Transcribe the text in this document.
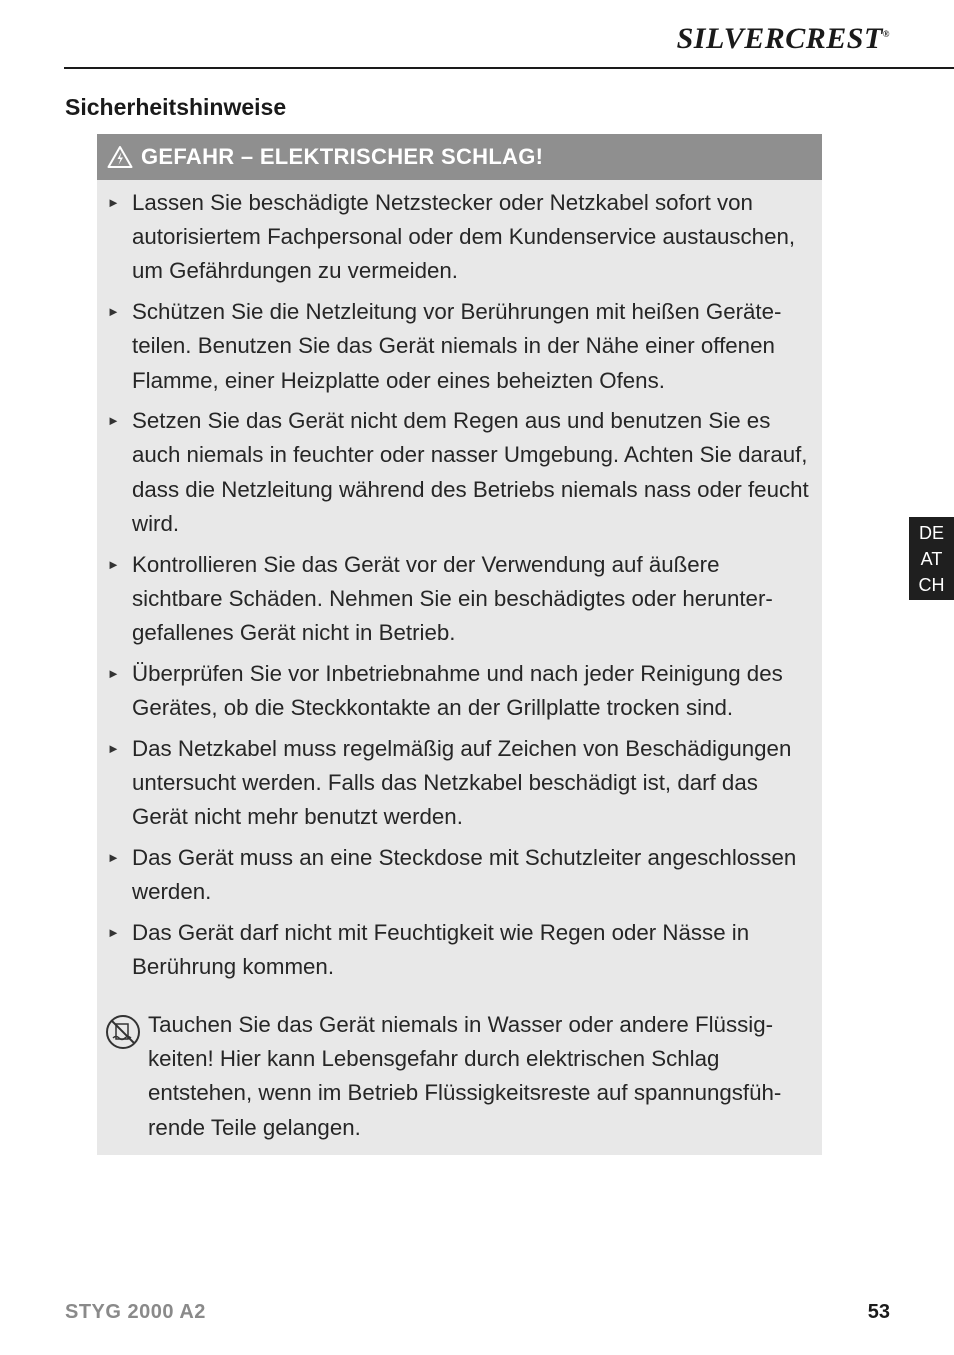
SILVERCREST®
Sicherheitshinweise
GEFAHR – ELEKTRISCHER SCHLAG!
► Lassen Sie beschädigte Netzstecker oder Netzkabel sofort von autorisiertem Fachpersonal oder dem Kundenservice austauschen, um Gefährdungen zu vermeiden.
► Schützen Sie die Netzleitung vor Berührungen mit heißen Geräte-teilen. Benutzen Sie das Gerät niemals in der Nähe einer offenen Flamme, einer Heizplatte oder eines beheizten Ofens.
► Setzen Sie das Gerät nicht dem Regen aus und benutzen Sie es auch niemals in feuchter oder nasser Umgebung. Achten Sie darauf, dass die Netzleitung während des Betriebs niemals nass oder feucht wird.
► Kontrollieren Sie das Gerät vor der Verwendung auf äußere sichtbare Schäden. Nehmen Sie ein beschädigtes oder herunter-gefallenes Gerät nicht in Betrieb.
► Überprüfen Sie vor Inbetriebnahme und nach jeder Reinigung des Gerätes, ob die Steckkontakte an der Grillplatte trocken sind.
► Das Netzkabel muss regelmäßig auf Zeichen von Beschädigungen untersucht werden. Falls das Netzkabel beschädigt ist, darf das Gerät nicht mehr benutzt werden.
► Das Gerät muss an eine Steckdose mit Schutzleiter angeschlossen werden.
► Das Gerät darf nicht mit Feuchtigkeit wie Regen oder Nässe in Berührung kommen.
Tauchen Sie das Gerät niemals in Wasser oder andere Flüssig-keiten! Hier kann Lebensgefahr durch elektrischen Schlag entstehen, wenn im Betrieb Flüssigkeitsreste auf spannungsfüh-rende Teile gelangen.
DE
AT
CH
STYG 2000 A2	53
